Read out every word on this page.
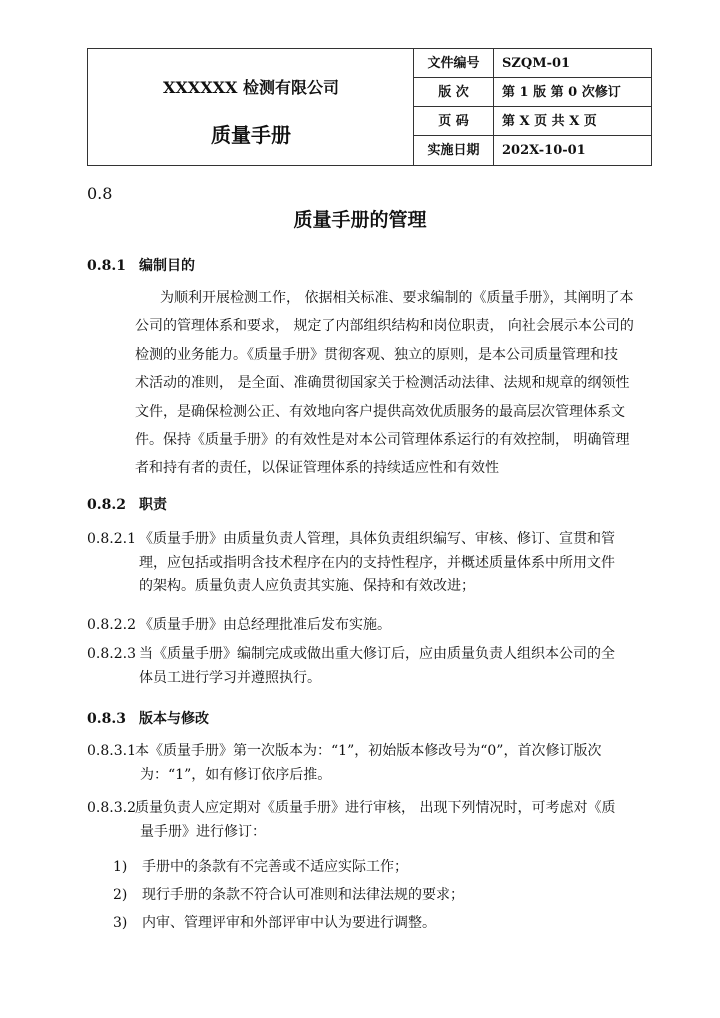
XXXXXX 检测有限公司
质量手册
文件编号	SZQM-01
版 次	第 1 版 第 0 次修订
页 码	第 X 页 共 X 页
实施日期	202X-10-01
0.8
质量手册的管理
0.8.1 编制目的

为顺利开展检测工作， 依据相关标准、要求编制的《质量手册》，其阐明了本

公司的管理体系和要求， 规定了内部组织结构和岗位职责， 向社会展示本公司的

检测的业务能力。《质量手册》贯彻客观、独立的原则，是本公司质量管理和技

术活动的准则， 是全面、准确贯彻国家关于检测活动法律、法规和规章的纲领性

文件，是确保检测公正、有效地向客户提供高效优质服务的最高层次管理体系文

件。保持《质量手册》的有效性是对本公司管理体系运行的有效控制， 明确管理

者和持有者的责任，以保证管理体系的持续适应性和有效性

0.8.2 职责
0.8.2.1 《质量手册》由质量负责人管理，具体负责组织编写、审核、修订、宣贯和管

理，应包括或指明含技术程序在内的支持性程序，并概述质量体系中所用文件

的架构。质量负责人应负责其实施、保持和有效改进；

0.8.2.2 《质量手册》由总经理批准后发布实施。

0.8.2.3 当《质量手册》编制完成或做出重大修订后，应由质量负责人组织本公司的全

体员工进行学习并遵照执行。

0.8.3 版本与修改
0.8.3.1 本《质量手册》第一次版本为：“1”，初始版本修改号为“0”，首次修订版次

为：“1”，如有修订依序后推。

0.8.3.2 质量负责人应定期对《质量手册》进行审核， 出现下列情况时，可考虑对《质

量手册》进行修订：

1) 手册中的条款有不完善或不适应实际工作；
2) 现行手册的条款不符合认可准则和法律法规的要求；
3) 内审、管理评审和外部评审中认为要进行调整。
